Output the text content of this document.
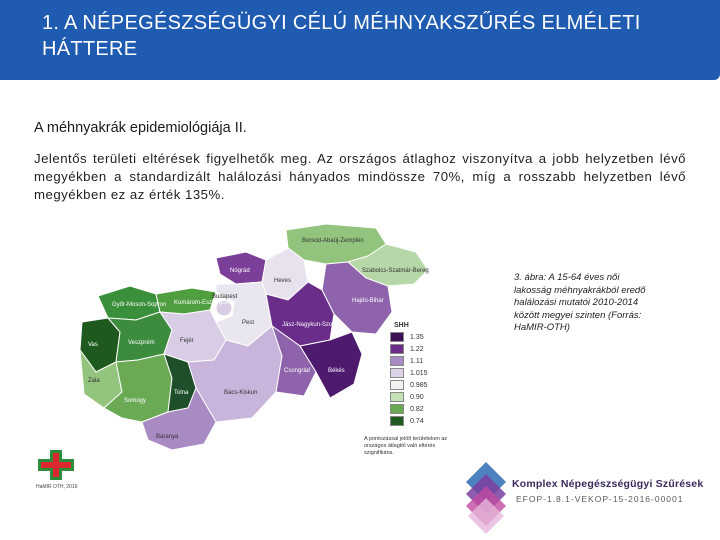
1. A NÉPEGÉSZSÉGÜGYI CÉLÚ MÉHNYAKSZŰRÉS ELMÉLETI HÁTTERE
A méhnyakrák epidemiológiája II.
Jelentős területi eltérések figyelhetők meg. Az országos átlaghoz viszonyítva a jobb helyzetben lévő megyékben a standardizált halálozási hányados mindössze 70%, míg a rosszabb helyzetben lévő megyékben ez az érték 135%.
Borsod-Abaúj-Zemplén
Szabolcs-Szatmár-Bereg
Nógrád
Heves
Győr-Moson-Sopron Komárom-Esztergom
Budapest
Pest	Jász-Nagykun-Szolnok
Hajdú-Bihar
Vas	Veszprém	Fejér
Zala
Somogy
Tolna	Bács-Kiskun
Csongrád	Békés
Baranya
SHH
1.35
1.22
1.11
1.015
0.985
0.90
0.82
0.74
A pontozással jelölt területeken az országos átlagtól való eltérés szignifikáns.
3. ábra: A 15-64 éves női lakosság méhnyakrákból eredő halálozási mutatói 2010-2014 között megyei szinten (Forrás: HaMIR-OTH)
HaMIR OTH, 2016	Komplex Népegészségügyi Szűrések
EFOP-1.8.1-VEKOP-15-2016-00001
